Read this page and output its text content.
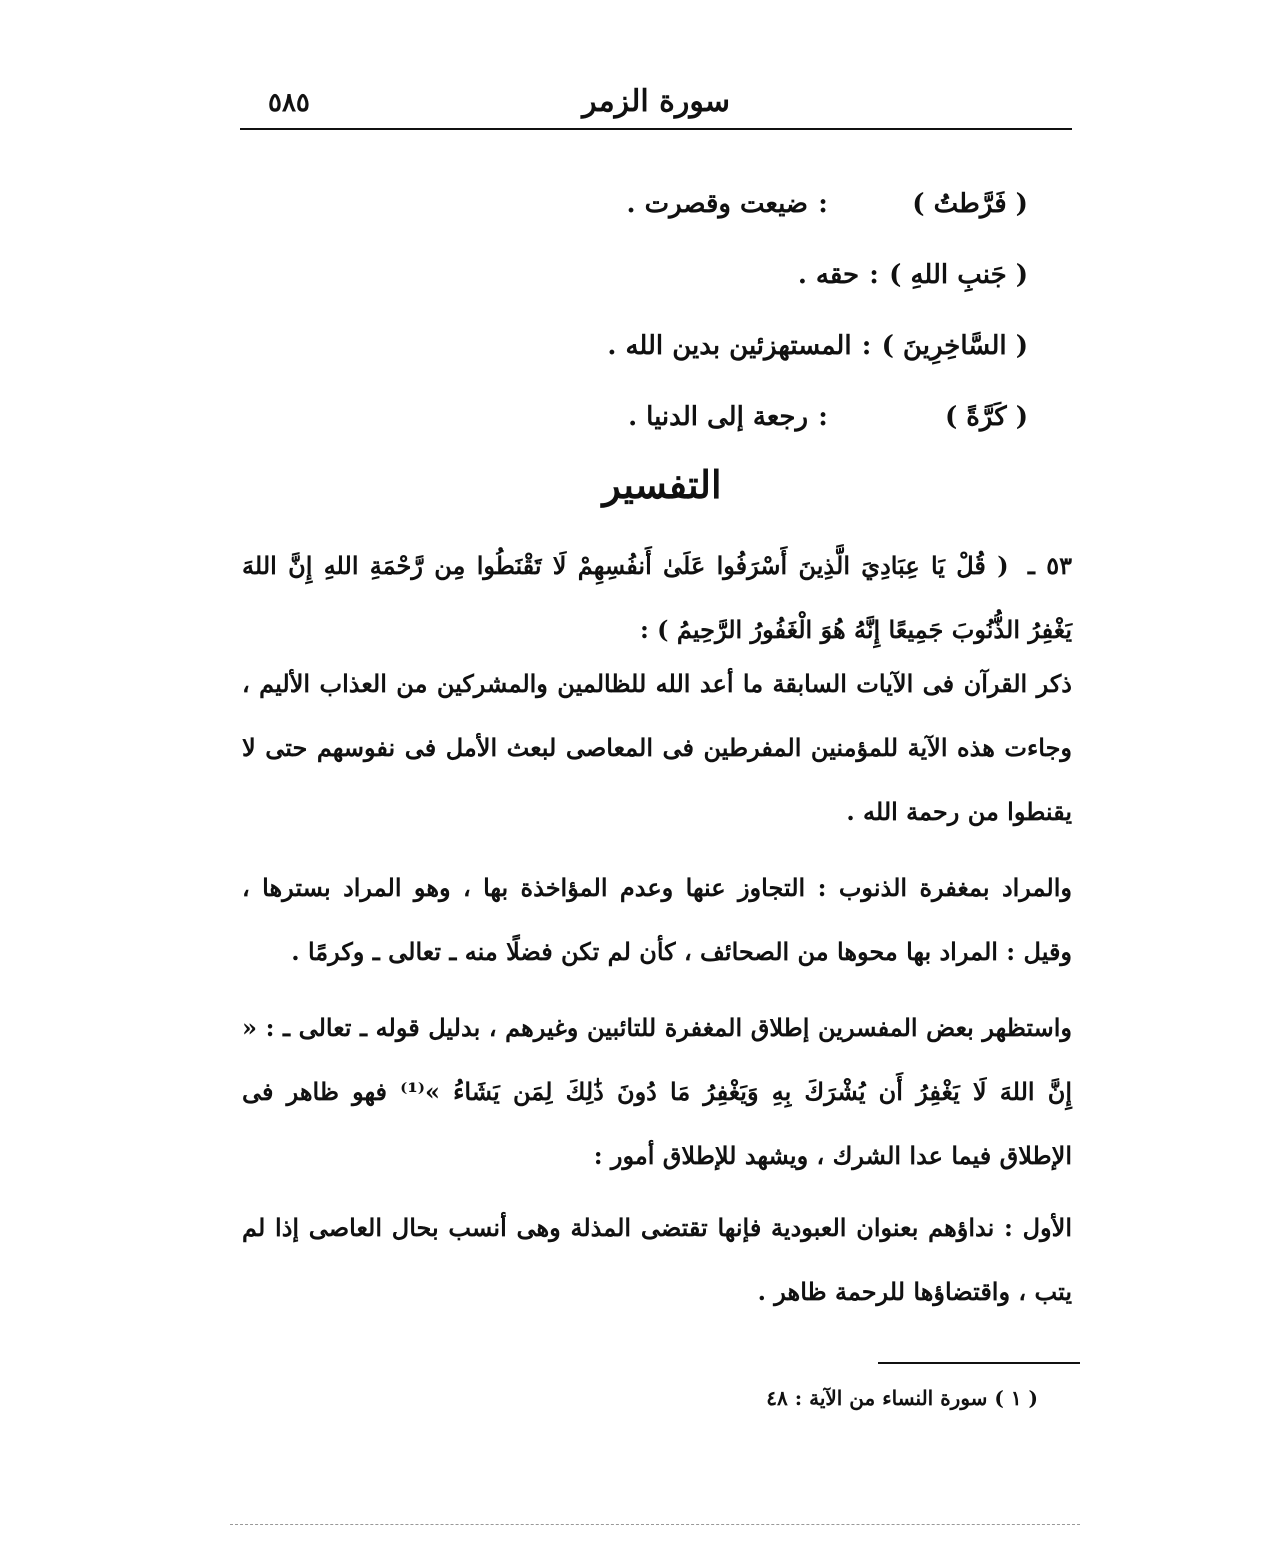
سورة الزمر
٥٨٥
( فَرَّطتُ )
:
ضيعت وقصرت .
( جَنبِ اللهِ )
:
حقه .
( السَّاخِرِينَ )
:
المستهزئين بدين الله .
( كَرَّةً )
:
رجعة إلى الدنيا .
التفسير
٥٣ ـ ( قُلْ يَا عِبَادِيَ الَّذِينَ أَسْرَفُوا عَلَىٰ أَنفُسِهِمْ لَا تَقْنَطُوا مِن رَّحْمَةِ اللهِ إِنَّ اللهَ يَغْفِرُ الذُّنُوبَ جَمِيعًا إِنَّهُ هُوَ الْغَفُورُ الرَّحِيمُ ) :
ذكر القرآن فى الآيات السابقة ما أعد الله للظالمين والمشركين من العذاب الأليم ، وجاءت هذه الآية للمؤمنين المفرطين فى المعاصى لبعث الأمل فى نفوسهم حتى لا يقنطوا من رحمة الله .
والمراد بمغفرة الذنوب : التجاوز عنها وعدم المؤاخذة بها ، وهو المراد بسترها ، وقيل : المراد بها محوها من الصحائف ، كأن لم تكن فضلًا منه ـ تعالى ـ وكرمًا .
واستظهر بعض المفسرين إطلاق المغفرة للتائبين وغيرهم ، بدليل قوله ـ تعالى ـ : « إِنَّ اللهَ لَا يَغْفِرُ أَن يُشْرَكَ بِهِ وَيَغْفِرُ مَا دُونَ ذَٰلِكَ لِمَن يَشَاءُ »⁽¹⁾ فهو ظاهر فى الإطلاق فيما عدا الشرك ، ويشهد للإطلاق أمور :
الأول : نداؤهم بعنوان العبودية فإنها تقتضى المذلة وهى أنسب بحال العاصى إذا لم يتب ، واقتضاؤها للرحمة ظاهر .
( ١ ) سورة النساء من الآية : ٤٨
